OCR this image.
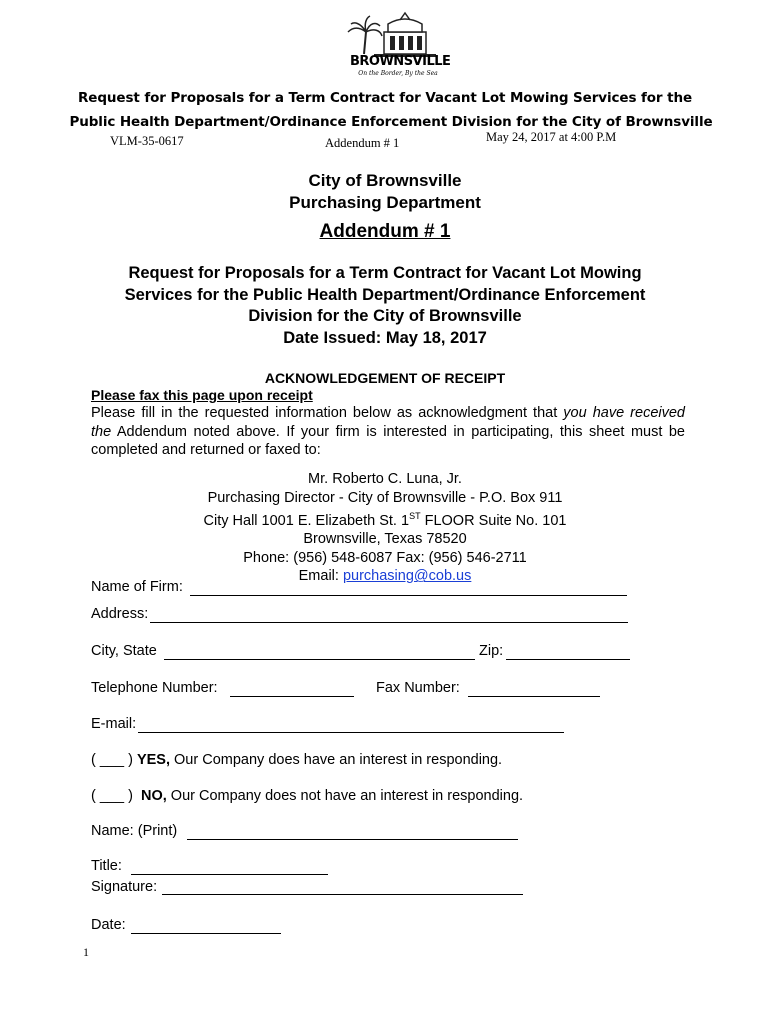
BROWNSVILLE
On the Border, By the Sea
Request for Proposals for a Term Contract for Vacant Lot Mowing Services for the
Public Health Department/Ordinance Enforcement Division for the City of Brownsville
VLM-35-0617	Addendum # 1	May 24, 2017 at 4:00 P.M
City of Brownsville
Purchasing Department
Addendum # 1
Request for Proposals for a Term Contract for Vacant Lot Mowing
Services for the Public Health Department/Ordinance Enforcement
Division for the City of Brownsville
Date Issued: May 18, 2017
ACKNOWLEDGEMENT OF RECEIPT
Please fax this page upon receipt
Please fill in the requested information below as acknowledgment that you have received the Addendum noted above. If your firm is interested in participating, this sheet must be completed and returned or faxed to:
Mr. Roberto C. Luna, Jr.
Purchasing Director - City of Brownsville - P.O. Box 911
City Hall 1001 E. Elizabeth St. 1ST FLOOR Suite No. 101
Brownsville, Texas 78520
Phone: (956) 548-6087 Fax: (956) 546-2711
Email: purchasing@cob.us
Name of Firm:
Address:
City, State	Zip:
Telephone Number:	Fax Number:
E-mail:
( ___ ) YES, Our Company does have an interest in responding.
( ___ ) NO, Our Company does not have an interest in responding.
Name: (Print)
Title:
Signature:
Date:
1
